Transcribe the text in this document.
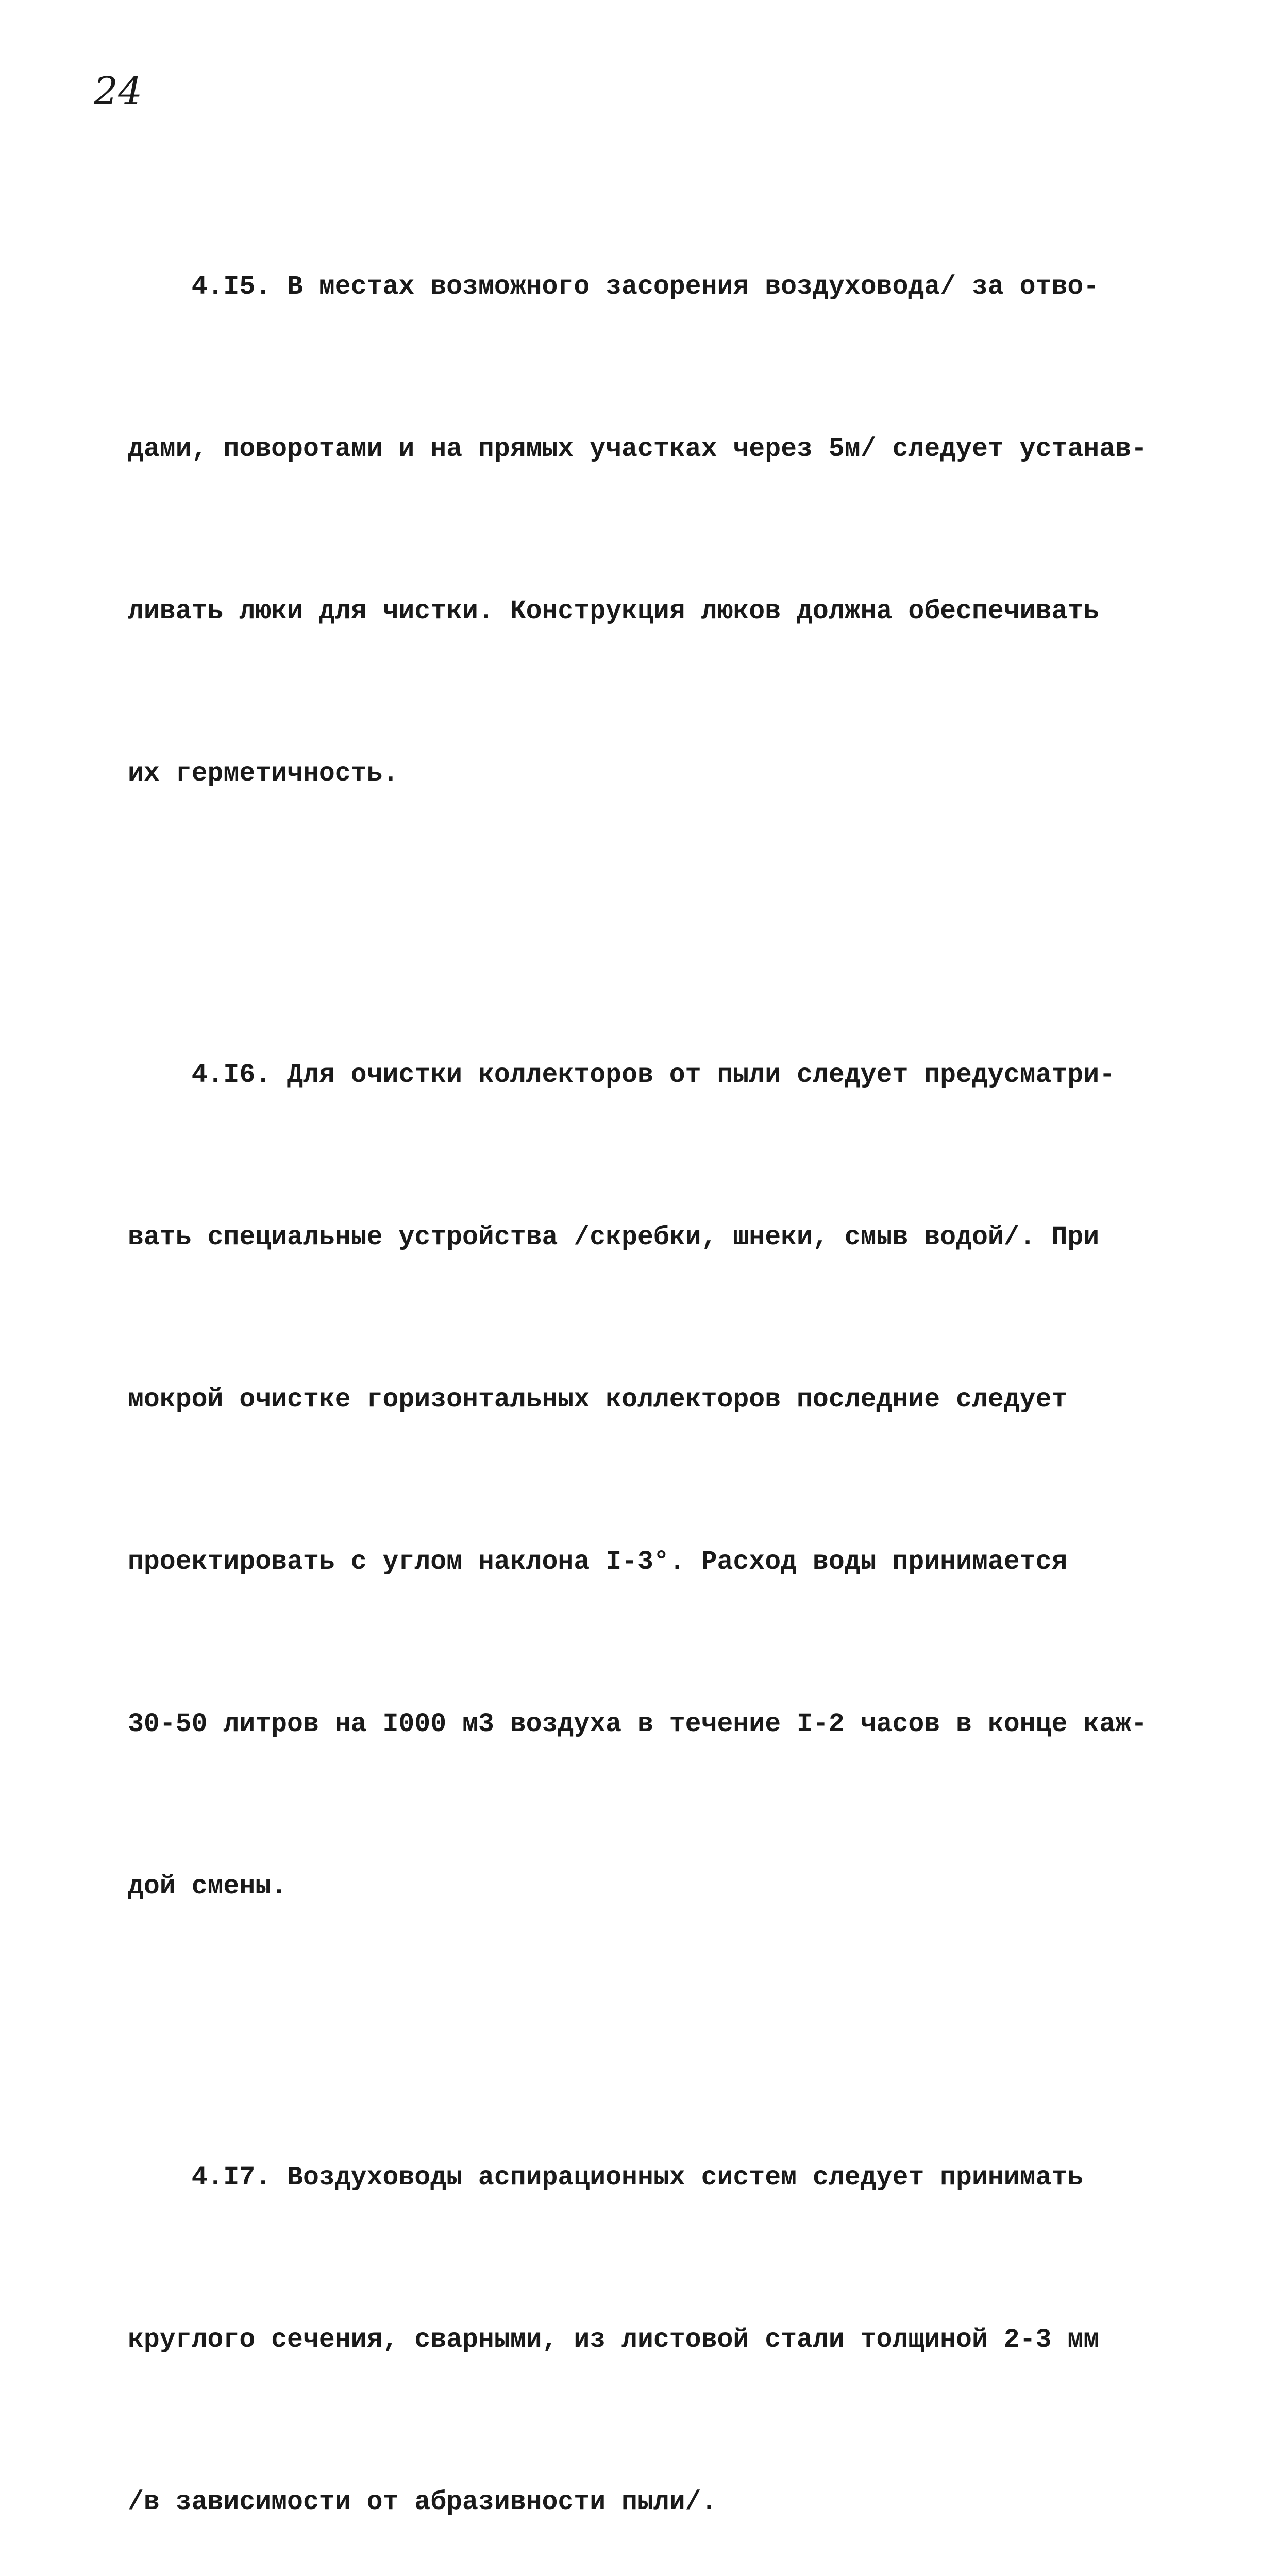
24

4.I5. В местах возможного засорения воздуховода/ за отво-

дами, поворотами и на прямых участках через 5м/ следует устанав-

ливать люки для чистки. Конструкция люков должна обеспечивать

их герметичность.

4.I6. Для очистки коллекторов от пыли следует предусматри-

вать специальные устройства /скребки, шнеки, смыв водой/. При

мокрой очистке горизонтальных коллекторов последние следует

проектировать с углом наклона I-3°. Расход воды принимается

30-50 литров на I000 м3 воздуха в течение I-2 часов в конце каж-

дой смены.

4.I7. Воздуховоды аспирационных систем следует принимать

круглого сечения, сварными, из листовой стали толщиной 2-3 мм

/в зависимости от абразивности пыли/.
